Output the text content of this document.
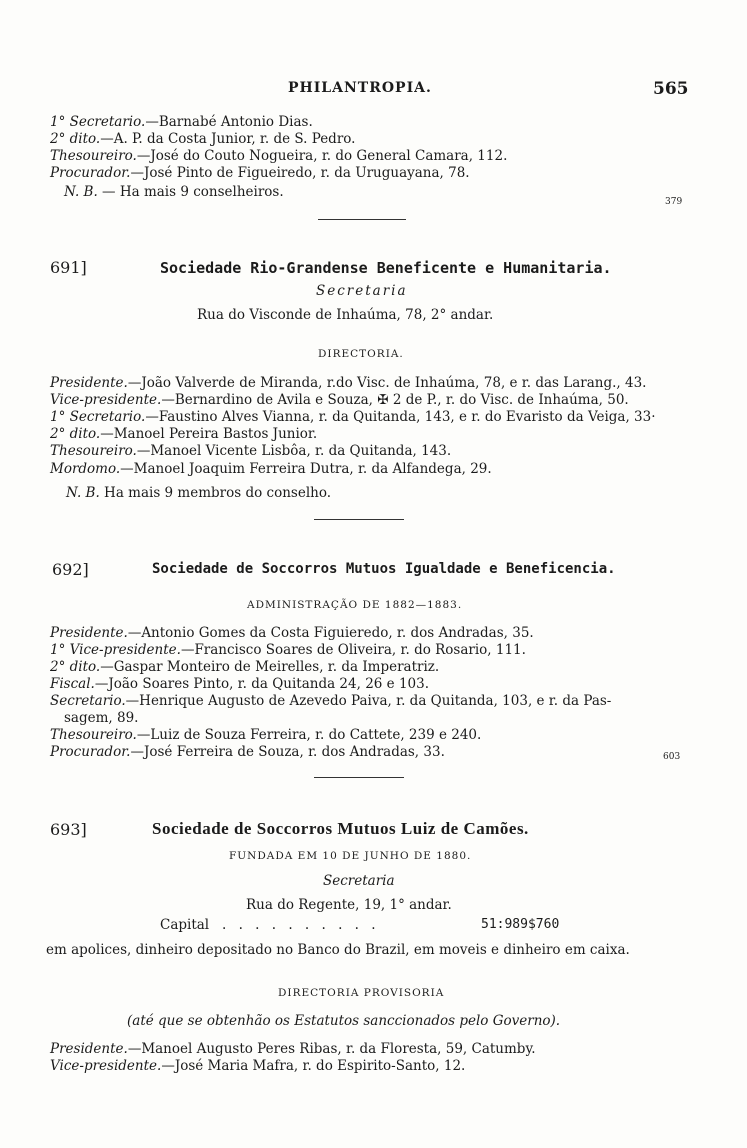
PHILANTROPIA.	565
1° Secretario.—Barnabé Antonio Dias.
2° dito.—A. P. da Costa Junior, r. de S. Pedro.
Thesoureiro.—José do Couto Nogueira, r. do General Camara, 112.
Procurador.—José Pinto de Figueiredo, r. da Uruguayana, 78.
N. B. — Ha mais 9 conselheiros.
379
691]	Sociedade Rio-Grandense Beneficente e Humanitaria.
Secretaria
Rua do Visconde de Inhaúma, 78, 2° andar.
DIRECTORIA.
Presidente.—João Valverde de Miranda, r.do Visc. de Inhaúma, 78, e r. das Larang., 43.
Vice-presidente.—Bernardino de Avila e Souza, ✠ 2 de P., r. do Visc. de Inhaúma, 50.
1° Secretario.—Faustino Alves Vianna, r. da Quitanda, 143, e r. do Evaristo da Veiga, 33·
2° dito.—Manoel Pereira Bastos Junior.
Thesoureiro.—Manoel Vicente Lisbôa, r. da Quitanda, 143.
Mordomo.—Manoel Joaquim Ferreira Dutra, r. da Alfandega, 29.
N. B. Ha mais 9 membros do conselho.
692]	Sociedade de Soccorros Mutuos Igualdade e Beneficencia.
ADMINISTRAÇÃO DE 1882—1883.
Presidente.—Antonio Gomes da Costa Figuieredo, r. dos Andradas, 35.
1° Vice-presidente.—Francisco Soares de Oliveira, r. do Rosario, 111.
2° dito.—Gaspar Monteiro de Meirelles, r. da Imperatriz.
Fiscal.—João Soares Pinto, r. da Quitanda 24, 26 e 103.
Secretario.—Henrique Augusto de Azevedo Paiva, r. da Quitanda, 103, e r. da Pas-
sagem, 89.
Thesoureiro.—Luiz de Souza Ferreira, r. do Cattete, 239 e 240.
Procurador.—José Ferreira de Souza, r. dos Andradas, 33.	603
693]	Sociedade de Soccorros Mutuos Luiz de Camões.
FUNDADA EM 10 DE JUNHO DE 1880.
Secretaria
Rua do Regente, 19, 1° andar.
Capital . . . . . . . . . .	51:989$760
em apolices, dinheiro depositado no Banco do Brazil, em moveis e dinheiro em caixa.
DIRECTORIA PROVISORIA
(até que se obtenhão os Estatutos sanccionados pelo Governo).
Presidente.—Manoel Augusto Peres Ribas, r. da Floresta, 59, Catumby.
Vice-presidente.—José Maria Mafra, r. do Espirito-Santo, 12.
